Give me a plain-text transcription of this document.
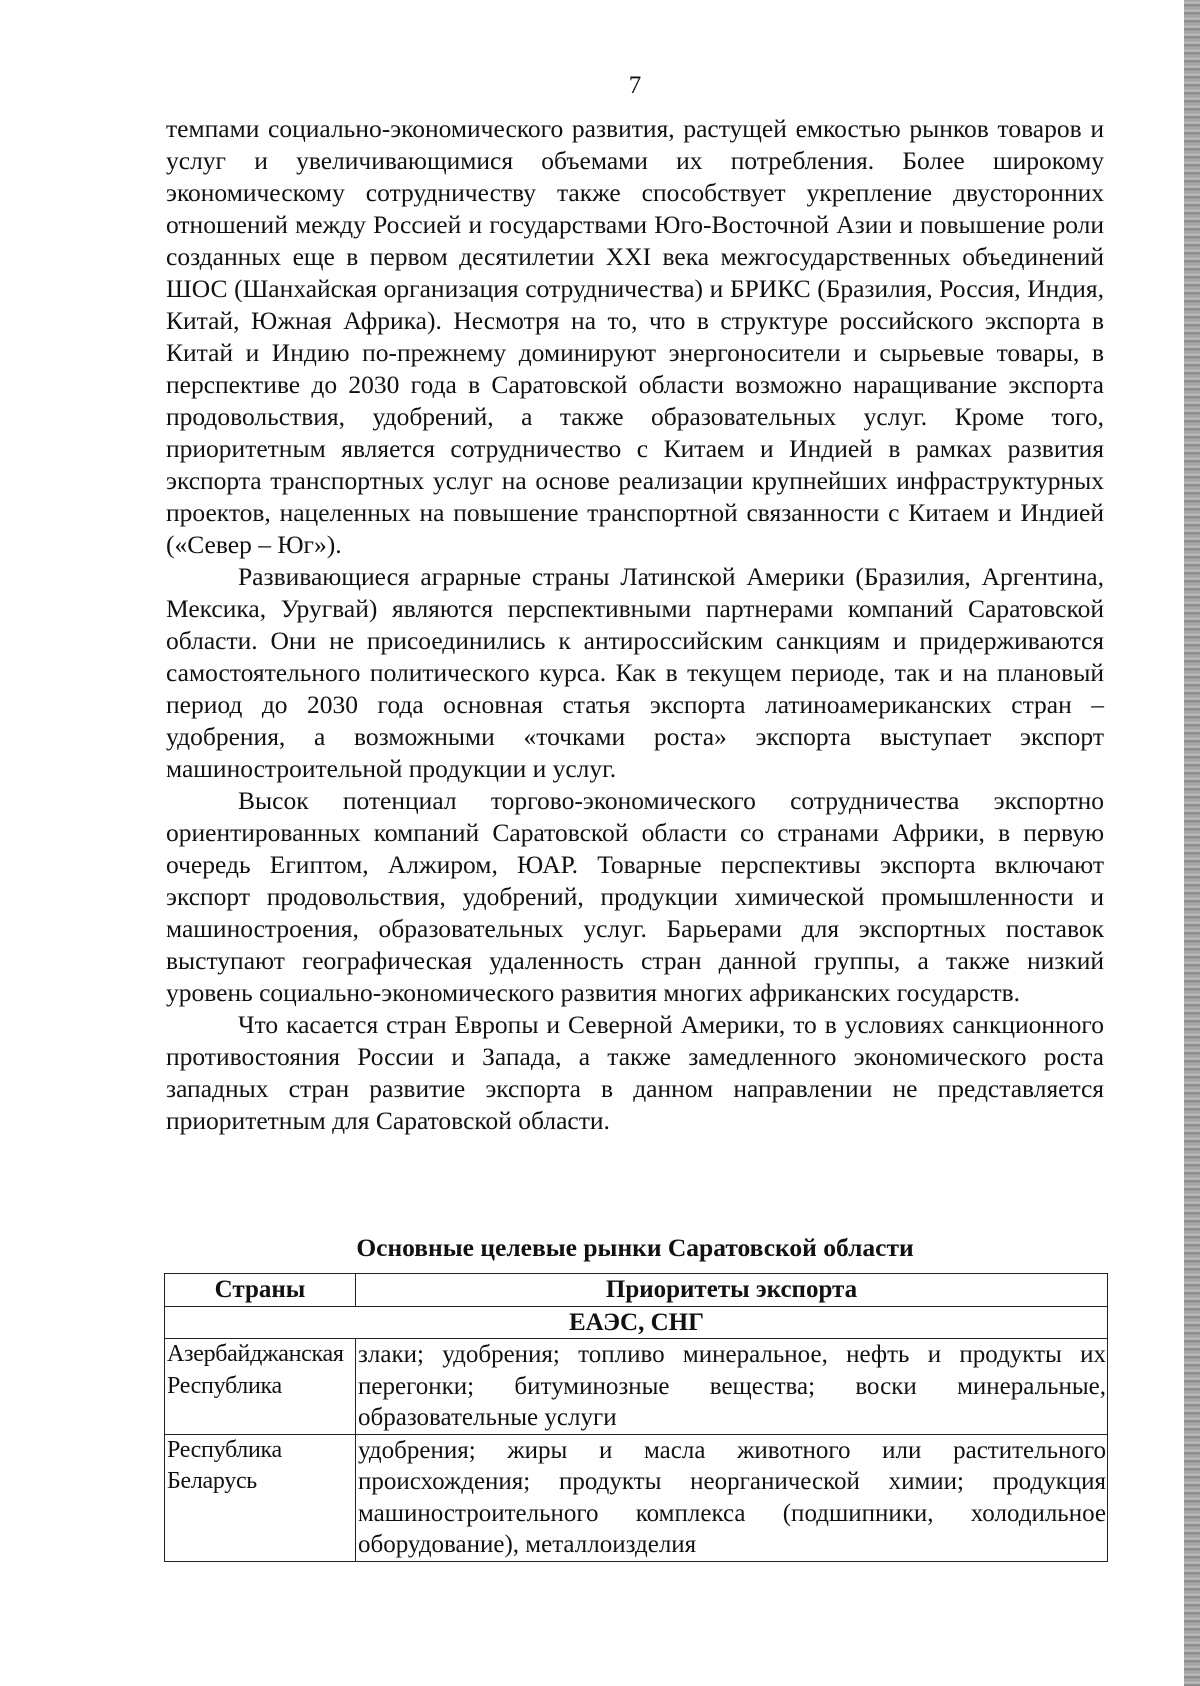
7

темпами социально-экономического развития, растущей емкостью рынков товаров и услуг и увеличивающимися объемами их потребления. Более широкому экономическому сотрудничеству также способствует укрепление двусторонних отношений между Россией и государствами Юго-Восточной Азии и повышение роли созданных еще в первом десятилетии XXI века межгосударственных объединений ШОС (Шанхайская организация сотрудничества) и БРИКС (Бразилия, Россия, Индия, Китай, Южная Африка). Несмотря на то, что в структуре российского экспорта в Китай и Индию по-прежнему доминируют энергоносители и сырьевые товары, в перспективе до 2030 года в Саратовской области возможно наращивание экспорта продовольствия, удобрений, а также образовательных услуг. Кроме того, приоритетным является сотрудничество с Китаем и Индией в рамках развития экспорта транспортных услуг на основе реализации крупнейших инфраструктурных проектов, нацеленных на повышение транспортной связанности с Китаем и Индией («Север – Юг»).

Развивающиеся аграрные страны Латинской Америки (Бразилия, Аргентина, Мексика, Уругвай) являются перспективными партнерами компаний Саратовской области. Они не присоединились к антироссийским санкциям и придерживаются самостоятельного политического курса. Как в текущем периоде, так и на плановый период до 2030 года основная статья экспорта латиноамериканских стран – удобрения, а возможными «точками роста» экспорта выступает экспорт машиностроительной продукции и услуг.

Высок потенциал торгово-экономического сотрудничества экспортно ориентированных компаний Саратовской области со странами Африки, в первую очередь Египтом, Алжиром, ЮАР. Товарные перспективы экспорта включают экспорт продовольствия, удобрений, продукции химической промышленности и машиностроения, образовательных услуг. Барьерами для экспортных поставок выступают географическая удаленность стран данной группы, а также низкий уровень социально-экономического развития многих африканских государств.

Что касается стран Европы и Северной Америки, то в условиях санкционного противостояния России и Запада, а также замедленного экономического роста западных стран развитие экспорта в данном направлении не представляется приоритетным для Саратовской области.

Основные целевые рынки Саратовской области
Страны	Приоритеты экспорта
ЕАЭС, СНГ	
Азербайджанская
Республика	злаки; удобрения; топливо минеральное, нефть и продукты их перегонки; битуминозные вещества; воски минеральные, образовательные услуги
Республика
Беларусь	удобрения; жиры и масла животного или растительного происхождения; продукты неорганической химии; продукция машиностроительного комплекса (подшипники, холодильное оборудование), металлоизделия
